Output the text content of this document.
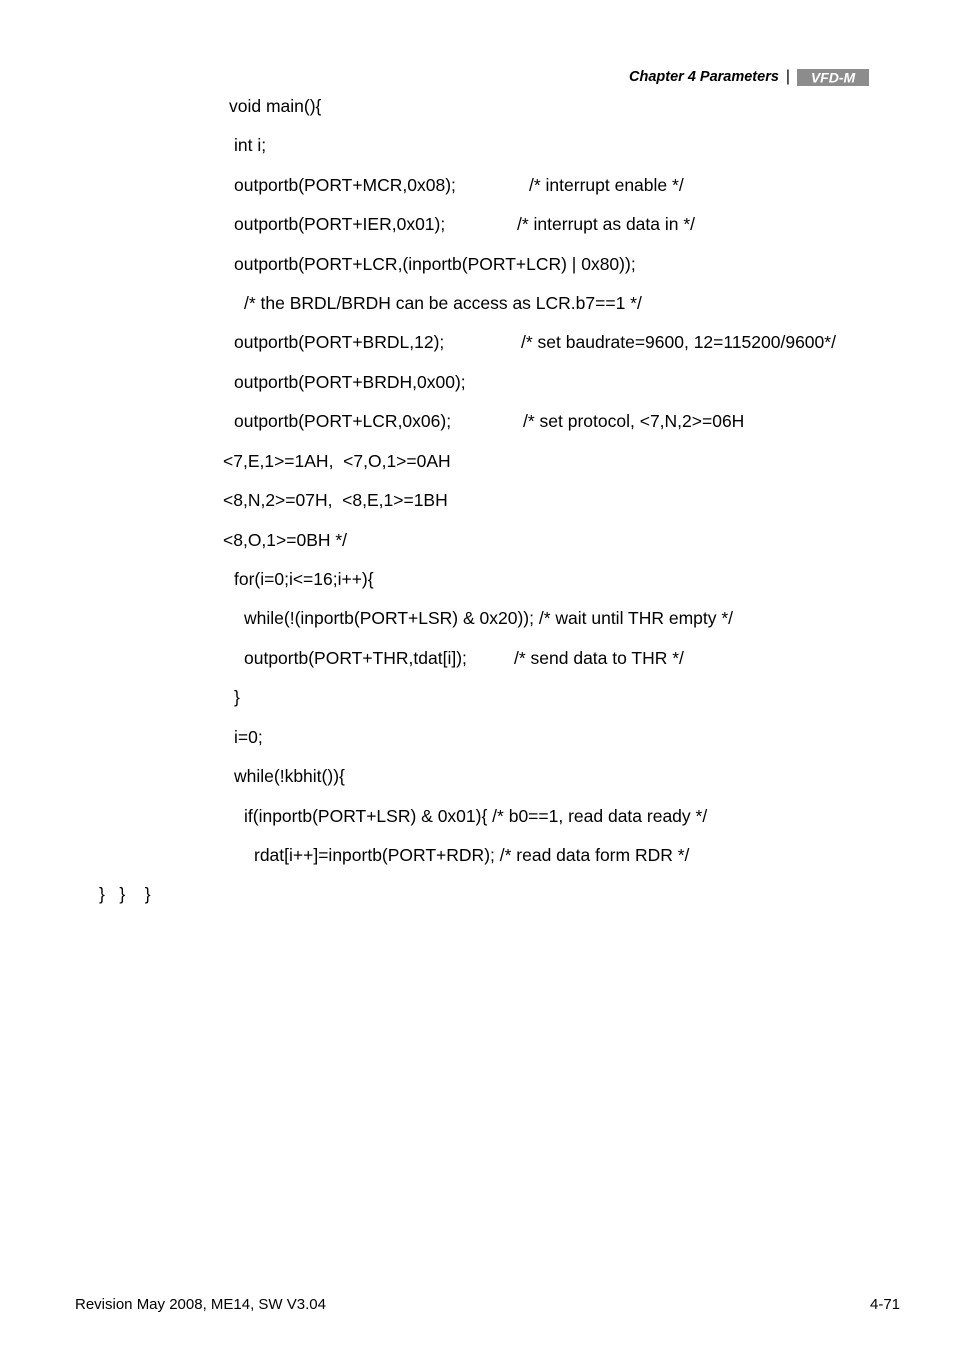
Chapter 4 Parameters | VFD-M
void main(){
int i;

outportb(PORT+MCR,0x08);

	/* interrupt enable */

outportb(PORT+IER,0x01);

	/* interrupt as data in */

outportb(PORT+LCR,(inportb(PORT+LCR) | 0x80));
/* the BRDL/BRDH can be access as LCR.b7==1 */

outportb(PORT+BRDL,12);

	/* set baudrate=9600, 12=115200/9600*/

outportb(PORT+BRDH,0x00);

outportb(PORT+LCR,0x06);

	/* set protocol, <7,N,2>=06H

<7,E,1>=1AH,  <7,O,1>=0AH
<8,N,2>=07H,  <8,E,1>=1BH
<8,O,1>=0BH */
for(i=0;i<=16;i++){
while(!(inportb(PORT+LSR) & 0x20)); /* wait until THR empty */

outportb(PORT+THR,tdat[i]);

	/* send data to THR */

}
i=0;
while(!kbhit()){
if(inportb(PORT+LSR) & 0x01){ /* b0==1, read data ready */
rdat[i++]=inportb(PORT+RDR); /* read data form RDR */
}   }    }
Revision May 2008, ME14, SW V3.04	4-71
